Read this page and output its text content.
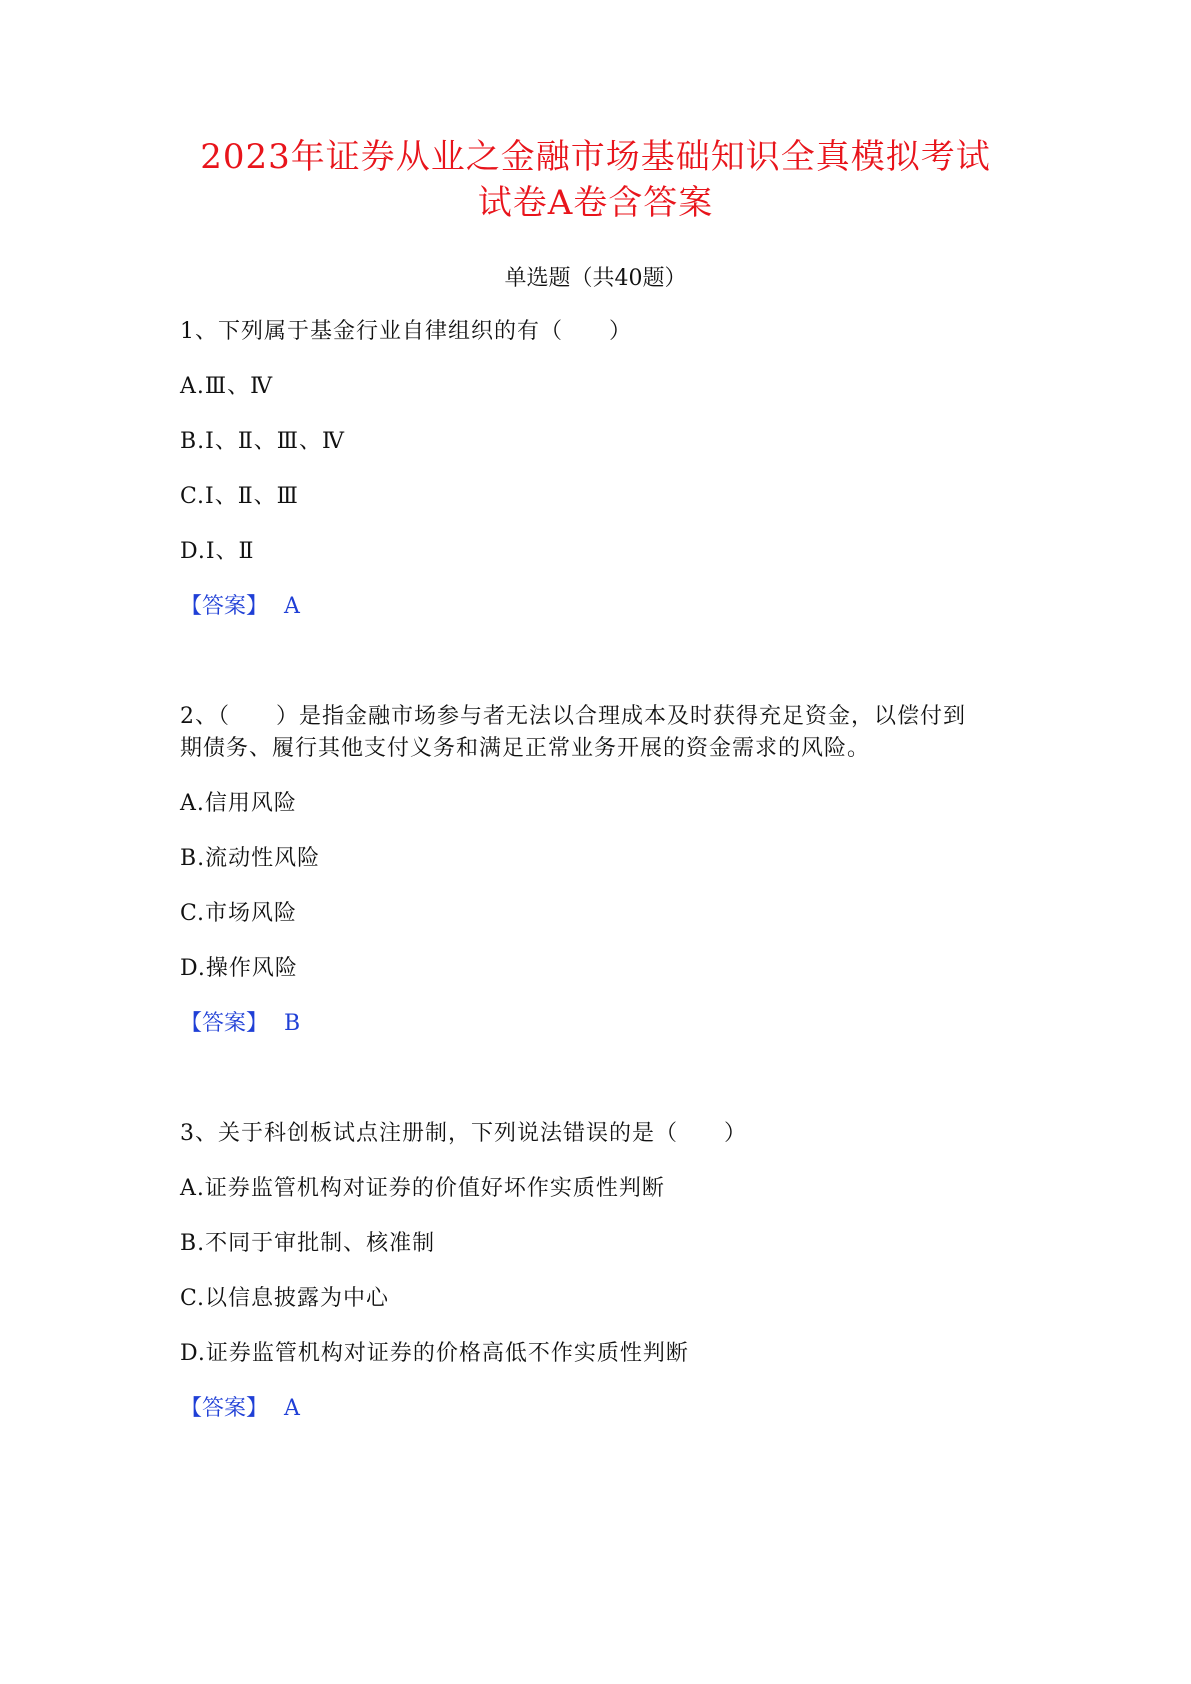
2023年证券从业之金融市场基础知识全真模拟考试
试卷A卷含答案
单选题（共40题）
1、下列属于基金行业自律组织的有（　　）
A.Ⅲ、Ⅳ
B.Ⅰ、Ⅱ、Ⅲ、Ⅳ
C.Ⅰ、Ⅱ、Ⅲ
D.Ⅰ、Ⅱ
【答案】 A
2、（　　）是指金融市场参与者无法以合理成本及时获得充足资金，以偿付到
期债务、履行其他支付义务和满足正常业务开展的资金需求的风险。
A.信用风险
B.流动性风险
C.市场风险
D.操作风险
【答案】 B
3、关于科创板试点注册制，下列说法错误的是（　　）
A.证券监管机构对证券的价值好坏作实质性判断
B.不同于审批制、核准制
C.以信息披露为中心
D.证券监管机构对证券的价格高低不作实质性判断
【答案】 A
